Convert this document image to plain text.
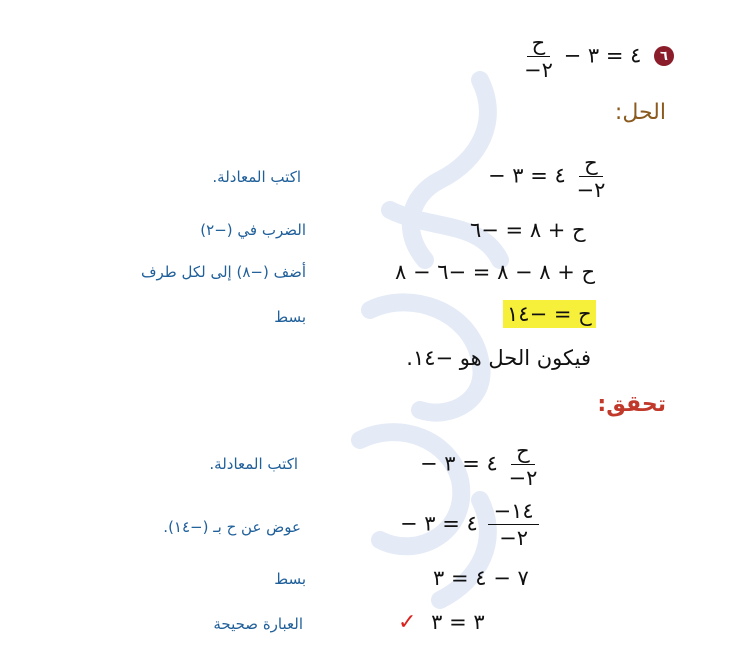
$\frac{\text{ح}}{-٢}$ − ٤ = ٣	٦
الحل:
− ٤ = ٣ $\frac{\text{ح}}{-٢}$
اكتب المعادلة.
ح + ٨ = −٦
الضرب في (−٢)
ح + ٨ − ٨ = −٦ − ٨
أضف (−٨) إلى لكل طرف
ح = −١٤
بسط
فيكون الحل هو −١٤.
تحقق:
− ٤ = ٣ $\frac{\text{ح}}{-٢}$
اكتب المعادلة.
− ٤ = ٣ $\frac{-١٤}{-٢}$
عوض عن ح بـ (−١٤).
٧ − ٤ = ٣
بسط
✓ ٣ = ٣
العبارة صحيحة
